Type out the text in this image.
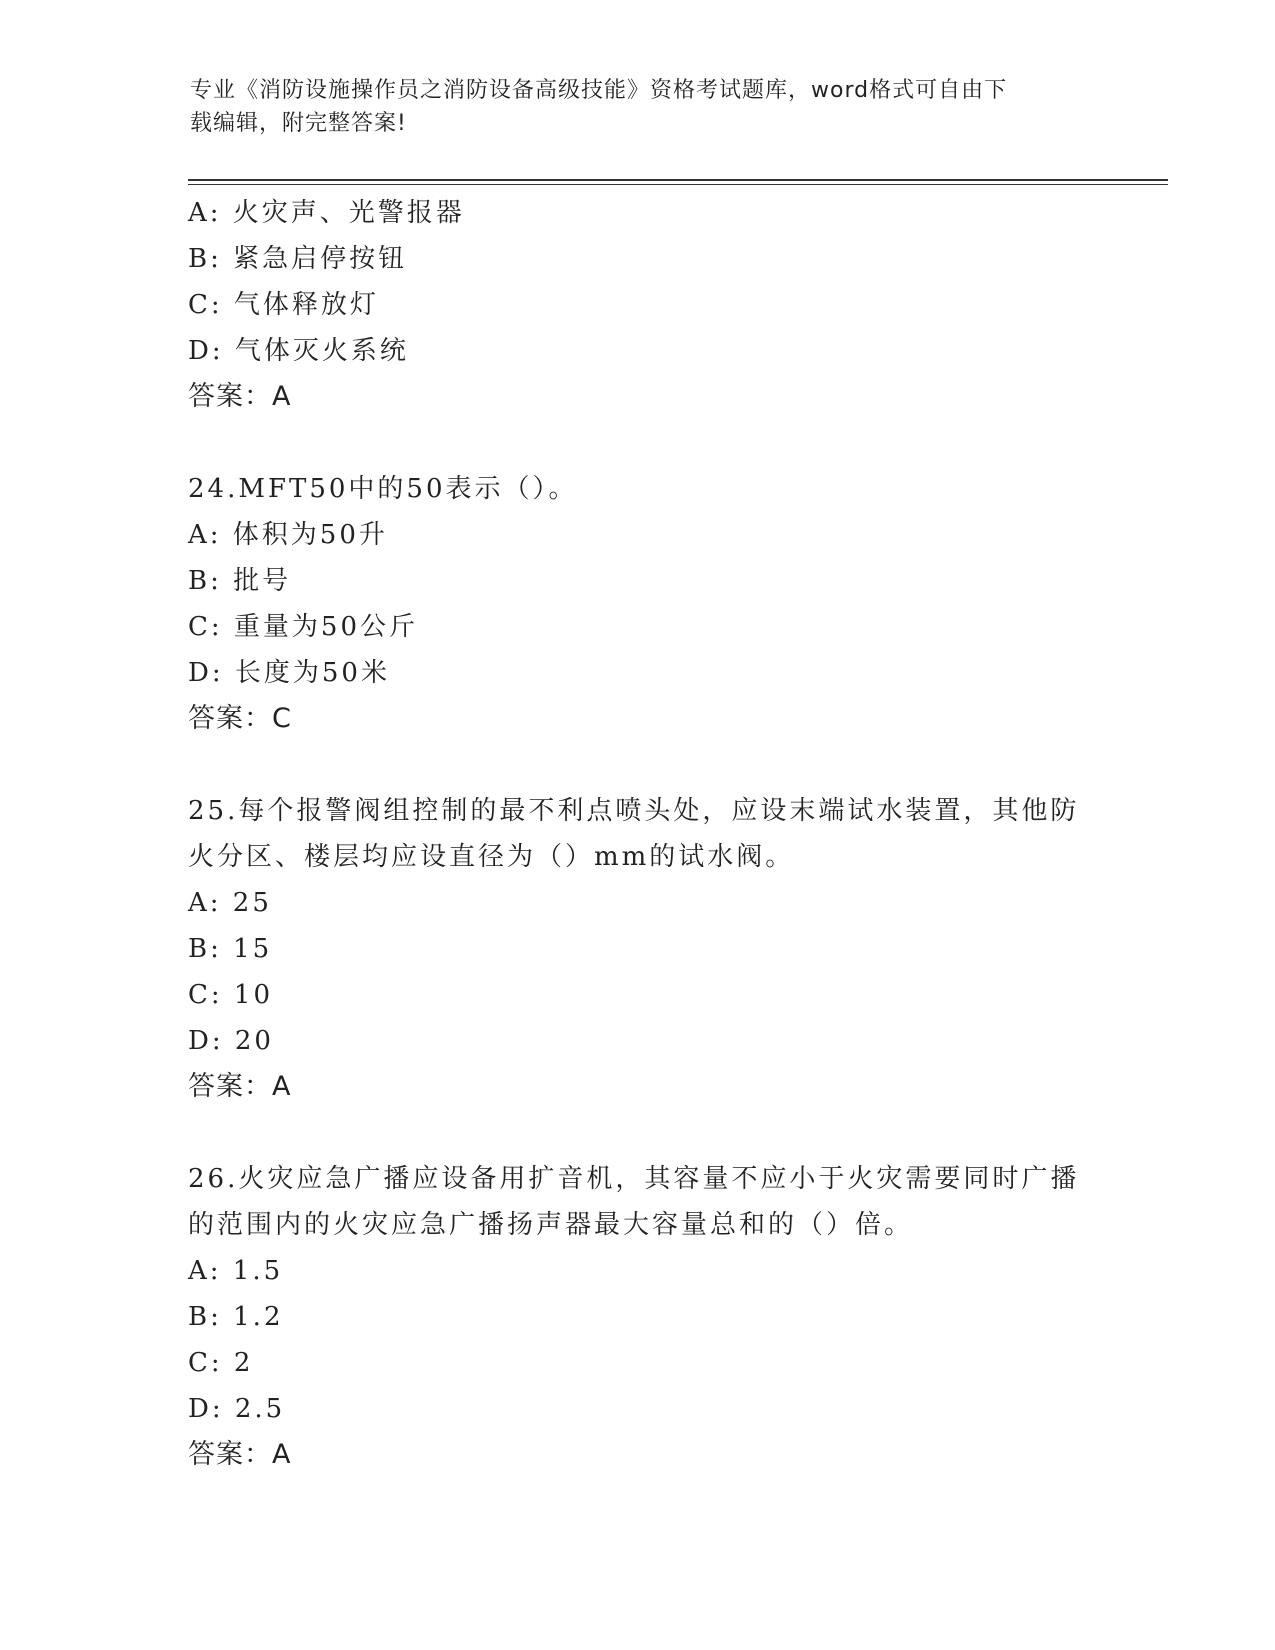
专业《消防设施操作员之消防设备高级技能》资格考试题库，word格式可自由下
载编辑，附完整答案!
A: 火灾声、光警报器
B: 紧急启停按钮
C: 气体释放灯
D: 气体灭火系统
答案：A
24.MFT50中的50表示（）。
A: 体积为50升
B: 批号
C: 重量为50公斤
D: 长度为50米
答案：C
25.每个报警阀组控制的最不利点喷头处，应设末端试水装置，其他防
火分区、楼层均应设直径为（）mm的试水阀。
A: 25
B: 15
C: 10
D: 20
答案：A
26.火灾应急广播应设备用扩音机，其容量不应小于火灾需要同时广播
的范围内的火灾应急广播扬声器最大容量总和的（）倍。
A: 1.5
B: 1.2
C: 2
D: 2.5
答案：A
